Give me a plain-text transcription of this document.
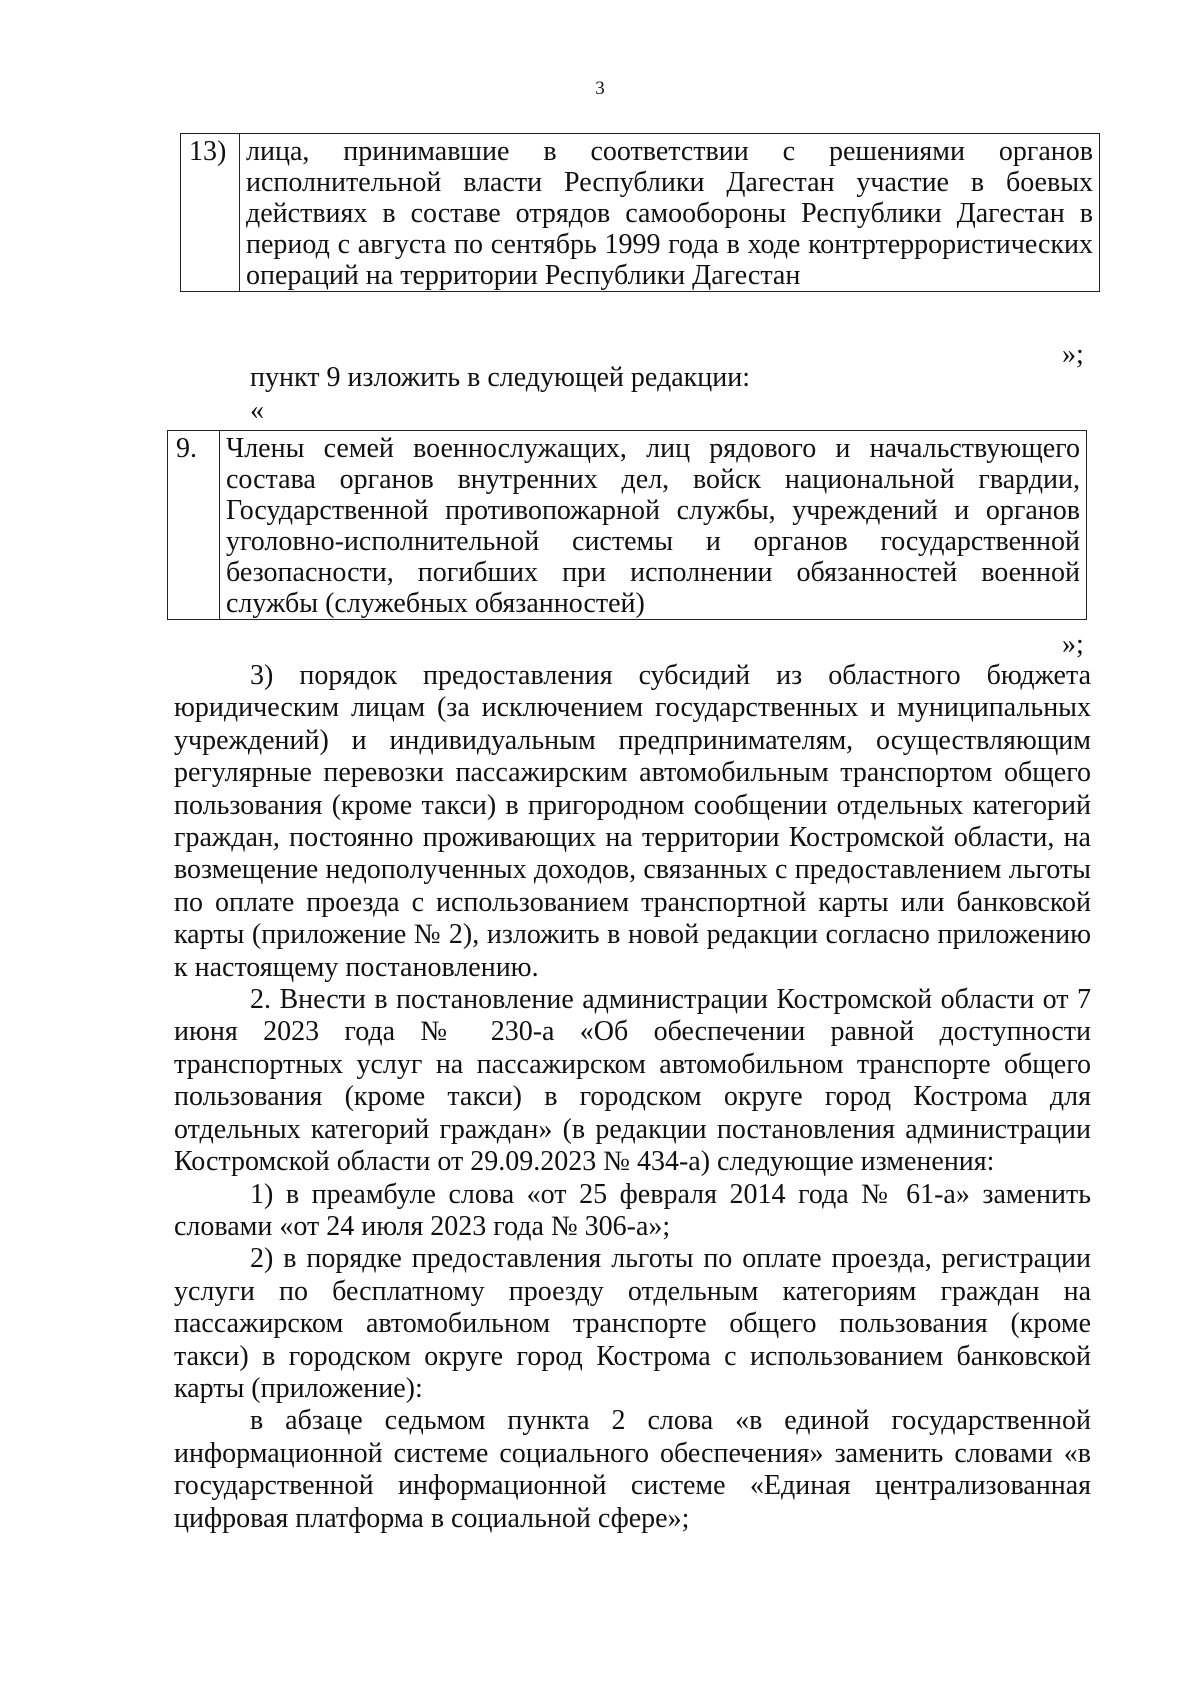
3
13)	лица, принимавшие в соответствии с решениями органов исполнительной власти Республики Дагестан участие в боевых действиях в составе отрядов самообороны Республики Дагестан в период с августа по сентябрь 1999 года в ходе контртеррористических операций на территории Республики Дагестан
»;
пункт 9 изложить в следующей редакции:
«
9.	Члены семей военнослужащих, лиц рядового и начальствующего состава органов внутренних дел, войск национальной гвардии, Государственной противопожарной службы, учреждений и органов уголовно-исполнительной системы и органов государственной безопасности, погибших при исполнении обязанностей военной службы (служебных обязанностей)
»;

3) порядок предоставления субсидий из областного бюджета юридическим лицам (за исключением государственных и муниципальных учреждений) и индивидуальным предпринимателям, осуществляющим регулярные перевозки пассажирским автомобильным транспортом общего пользования (кроме такси) в пригородном сообщении отдельных категорий граждан, постоянно проживающих на территории Костромской области, на возмещение недополученных доходов, связанных с предоставлением льготы по оплате проезда с использованием транспортной карты или банковской карты (приложение № 2), изложить в новой редакции согласно приложению к настоящему постановлению.

2. Внести в постановление администрации Костромской области от 7 июня 2023 года № 230-а «Об обеспечении равной доступности транспортных услуг на пассажирском автомобильном транспорте общего пользования (кроме такси) в городском округе город Кострома для отдельных категорий граждан» (в редакции постановления администрации Костромской области от 29.09.2023 № 434-а) следующие изменения:

1) в преамбуле слова «от 25 февраля 2014 года № 61-а» заменить словами «от 24 июля 2023 года № 306-а»;

2) в порядке предоставления льготы по оплате проезда, регистрации услуги по бесплатному проезду отдельным категориям граждан на пассажирском автомобильном транспорте общего пользования (кроме такси) в городском округе город Кострома с использованием банковской карты (приложение):

в абзаце седьмом пункта 2 слова «в единой государственной информационной системе социального обеспечения» заменить словами «в государственной информационной системе «Единая централизованная цифровая платформа в социальной сфере»;
